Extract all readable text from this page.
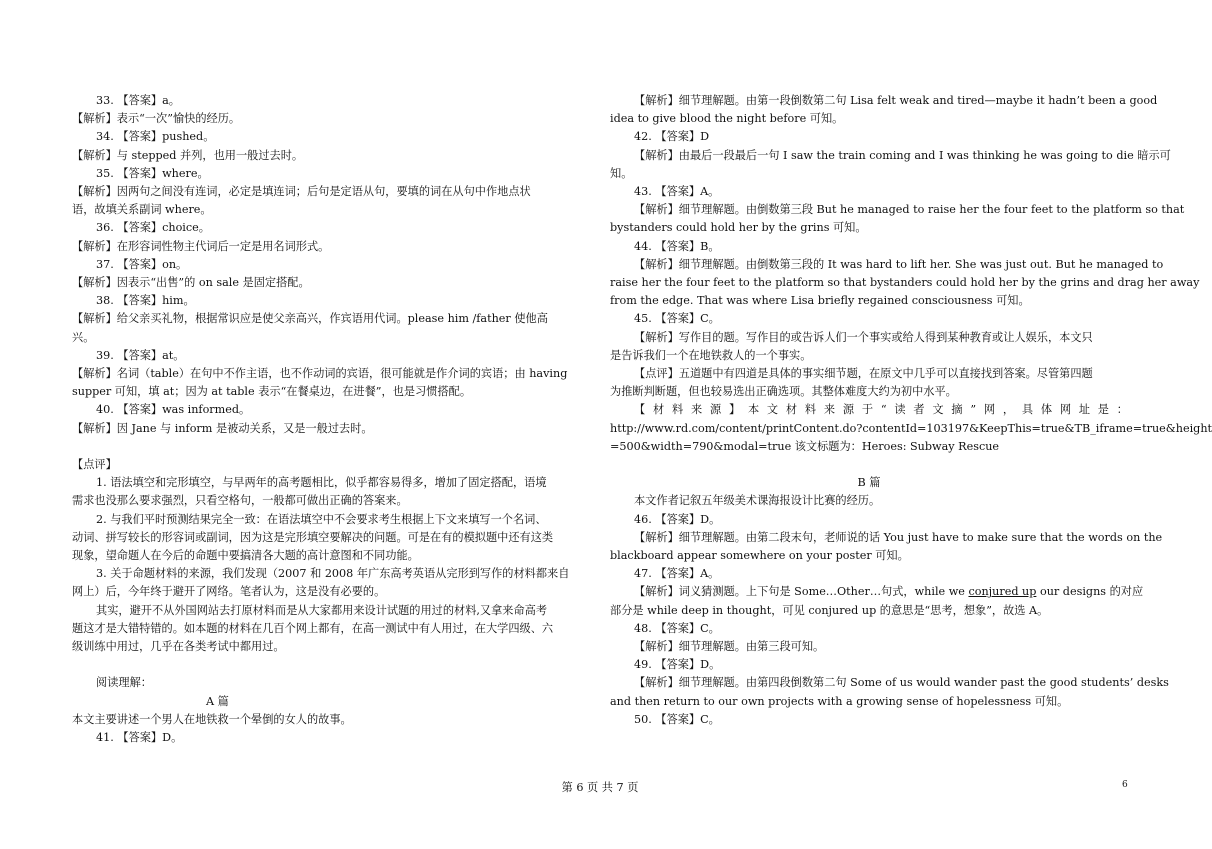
33. 【答案】a。
【解析】表示“一次”愉快的经历。
34. 【答案】pushed。
【解析】与 stepped 并列，也用一般过去时。
35. 【答案】where。
【解析】因两句之间没有连词，必定是填连词；后句是定语从句，要填的词在从句中作地点状
语，故填关系副词 where。
36. 【答案】choice。
【解析】在形容词性物主代词后一定是用名词形式。
37. 【答案】on。
【解析】因表示“出售”的 on sale 是固定搭配。
38. 【答案】him。
【解析】给父亲买礼物，根据常识应是使父亲高兴，作宾语用代词。please him /father 使他高
兴。
39. 【答案】at。
【解析】名词（table）在句中不作主语，也不作动词的宾语，很可能就是作介词的宾语；由 having
supper 可知，填 at；因为 at table 表示“在餐桌边，在进餐”，也是习惯搭配。
40. 【答案】was informed。
【解析】因 Jane 与 inform 是被动关系，又是一般过去时。
【点评】
1. 语法填空和完形填空，与早两年的高考题相比，似乎都容易得多，增加了固定搭配，语境
需求也没那么要求强烈，只看空格句，一般都可做出正确的答案来。
2. 与我们平时预测结果完全一致：在语法填空中不会要求考生根据上下文来填写一个名词、
动词、拼写较长的形容词或副词，因为这是完形填空要解决的问题。可是在有的模拟题中还有这类
现象，望命题人在今后的命题中要搞清各大题的高计意图和不同功能。
3. 关于命题材料的来源，我们发现（2007 和 2008 年广东高考英语从完形到写作的材料都来自
网上）后，今年终于避开了网络。笔者认为，这是没有必要的。
其实，避开不从外国网站去打原材料而是从大家都用来设计试题的用过的材料,又拿来命高考
题这才是大错特错的。如本题的材料在几百个网上都有，在高一测试中有人用过，在大学四级、六
级训练中用过，几乎在各类考试中都用过。
阅读理解：
A 篇
本文主要讲述一个男人在地铁救一个晕倒的女人的故事。
41. 【答案】D。
【解析】细节理解题。由第一段倒数第二句 Lisa felt weak and tired—maybe it hadn’t been a good
idea to give blood the night before 可知。
42. 【答案】D
【解析】由最后一段最后一句 I saw the train coming and I was thinking he was going to die 暗示可
知。
43. 【答案】A。
【解析】细节理解题。由倒数第三段 But he managed to raise her the four feet to the platform so that
bystanders could hold her by the grins 可知。
44. 【答案】B。
【解析】细节理解题。由倒数第三段的 It was hard to lift her. She was just out. But he managed to
raise her the four feet to the platform so that bystanders could hold her by the grins and drag her away
from the edge. That was where Lisa briefly regained consciousness 可知。
45. 【答案】C。
【解析】写作目的题。写作目的或告诉人们一个事实或给人得到某种教育或让人娱乐，本文只
是告诉我们一个在地铁救人的一个事实。
【点评】五道题中有四道是具体的事实细节题，在原文中几乎可以直接找到答案。尽管第四题
为推断判断题，但也较易选出正确选项。其整体难度大约为初中水平。
【材料来源】本文材料来源于“读者文摘”网，具体网址是：
http://www.rd.com/content/printContent.do?contentId=103197&KeepThis=true&TB_iframe=true&height
=500&width=790&modal=true 该文标题为：Heroes: Subway Rescue
B 篇
本文作者记叙五年级美术课海报设计比赛的经历。
46. 【答案】D。
【解析】细节理解题。由第二段末句，老师说的话 You just have to make sure that the words on the
blackboard appear somewhere on your poster 可知。
47. 【答案】A。
【解析】词义猜测题。上下句是 Some…Other…句式，while we conjured up our designs 的对应
部分是 while deep in thought，可见 conjured up 的意思是“思考，想象”，故选 A。
48. 【答案】C。
【解析】细节理解题。由第三段可知。
49. 【答案】D。
【解析】细节理解题。由第四段倒数第二句 Some of us would wander past the good students’ desks
and then return to our own projects with a growing sense of hopelessness 可知。
50. 【答案】C。
第 6 页 共 7 页	6
